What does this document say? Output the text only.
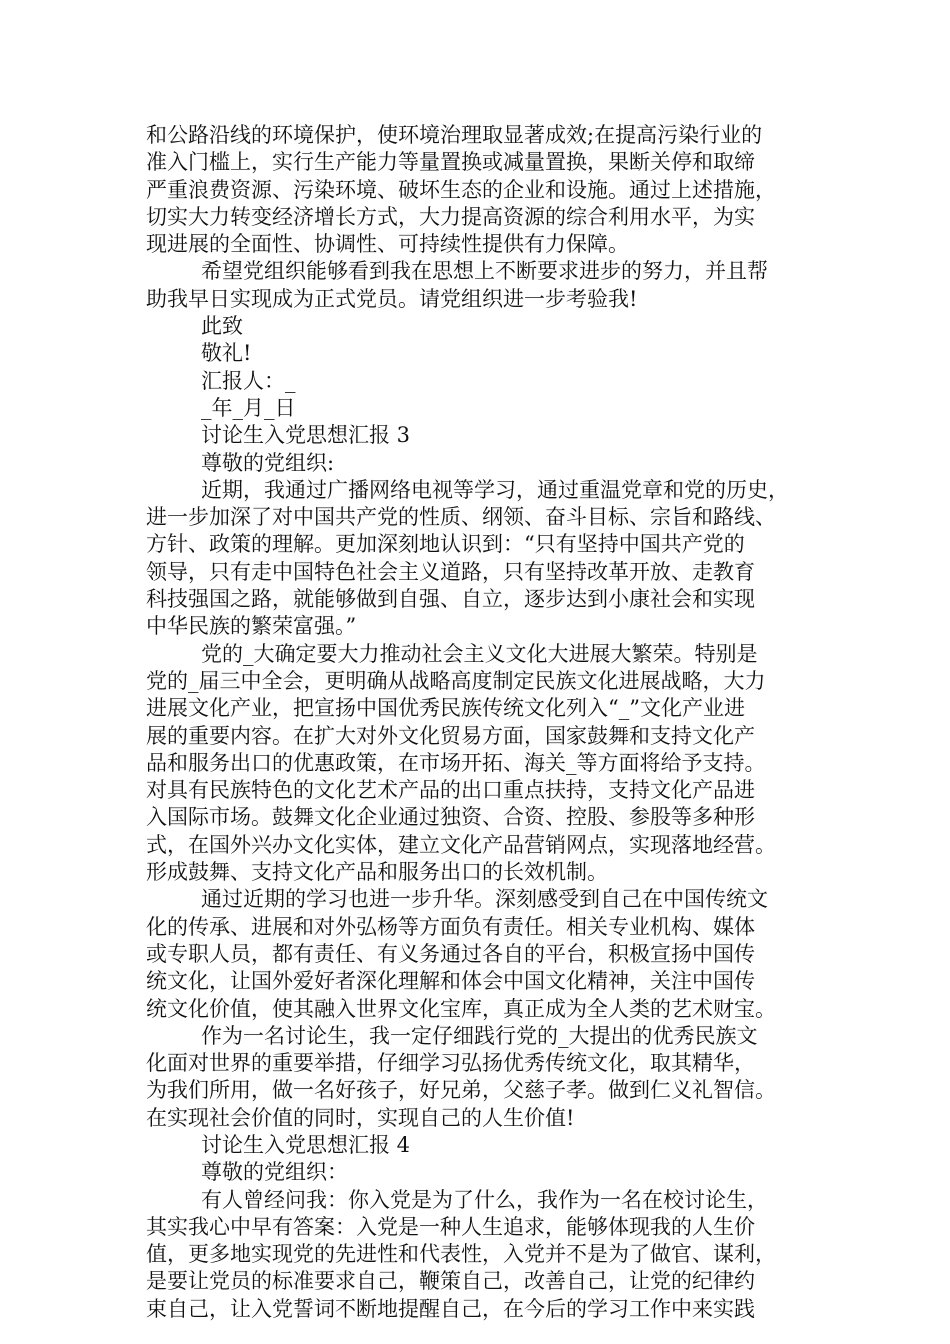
和公路沿线的环境保护，使环境治理取显著成效;在提高污染行业的
准入门槛上，实行生产能力等量置换或减量置换，果断关停和取缔
严重浪费资源、污染环境、破坏生态的企业和设施。通过上述措施，
切实大力转变经济增长方式，大力提高资源的综合利用水平，为实
现进展的全面性、协调性、可持续性提供有力保障。
希望党组织能够看到我在思想上不断要求进步的努力，并且帮
助我早日实现成为正式党员。请党组织进一步考验我!
此致
敬礼!
汇报人：_
_年_月_日
讨论生入党思想汇报 3
尊敬的党组织:
近期，我通过广播网络电视等学习，通过重温党章和党的历史，
进一步加深了对中国共产党的性质、纲领、奋斗目标、宗旨和路线、
方针、政策的理解。更加深刻地认识到：“只有坚持中国共产党的
领导，只有走中国特色社会主义道路，只有坚持改革开放、走教育
科技强国之路，就能够做到自强、自立，逐步达到小康社会和实现
中华民族的繁荣富强。”
党的_大确定要大力推动社会主义文化大进展大繁荣。特别是
党的_届三中全会，更明确从战略高度制定民族文化进展战略，大力
进展文化产业，把宣扬中国优秀民族传统文化列入“_”文化产业进
展的重要内容。在扩大对外文化贸易方面，国家鼓舞和支持文化产
品和服务出口的优惠政策，在市场开拓、海关_等方面将给予支持。
对具有民族特色的文化艺术产品的出口重点扶持，支持文化产品进
入国际市场。鼓舞文化企业通过独资、合资、控股、参股等多种形
式，在国外兴办文化实体，建立文化产品营销网点，实现落地经营。
形成鼓舞、支持文化产品和服务出口的长效机制。
通过近期的学习也进一步升华。深刻感受到自己在中国传统文
化的传承、进展和对外弘杨等方面负有责任。相关专业机构、媒体
或专职人员，都有责任、有义务通过各自的平台，积极宣扬中国传
统文化，让国外爱好者深化理解和体会中国文化精神，关注中国传
统文化价值，使其融入世界文化宝库，真正成为全人类的艺术财宝。
作为一名讨论生，我一定仔细践行党的_大提出的优秀民族文
化面对世界的重要举措，仔细学习弘扬优秀传统文化，取其精华，
为我们所用，做一名好孩子，好兄弟，父慈子孝。做到仁义礼智信。
在实现社会价值的同时，实现自己的人生价值!
讨论生入党思想汇报 4
尊敬的党组织：
有人曾经问我：你入党是为了什么，我作为一名在校讨论生，
其实我心中早有答案：入党是一种人生追求，能够体现我的人生价
值，更多地实现党的先进性和代表性，入党并不是为了做官、谋利，
是要让党员的标准要求自己，鞭策自己，改善自己，让党的纪律约
束自己，让入党誓词不断地提醒自己，在今后的学习工作中来实践
